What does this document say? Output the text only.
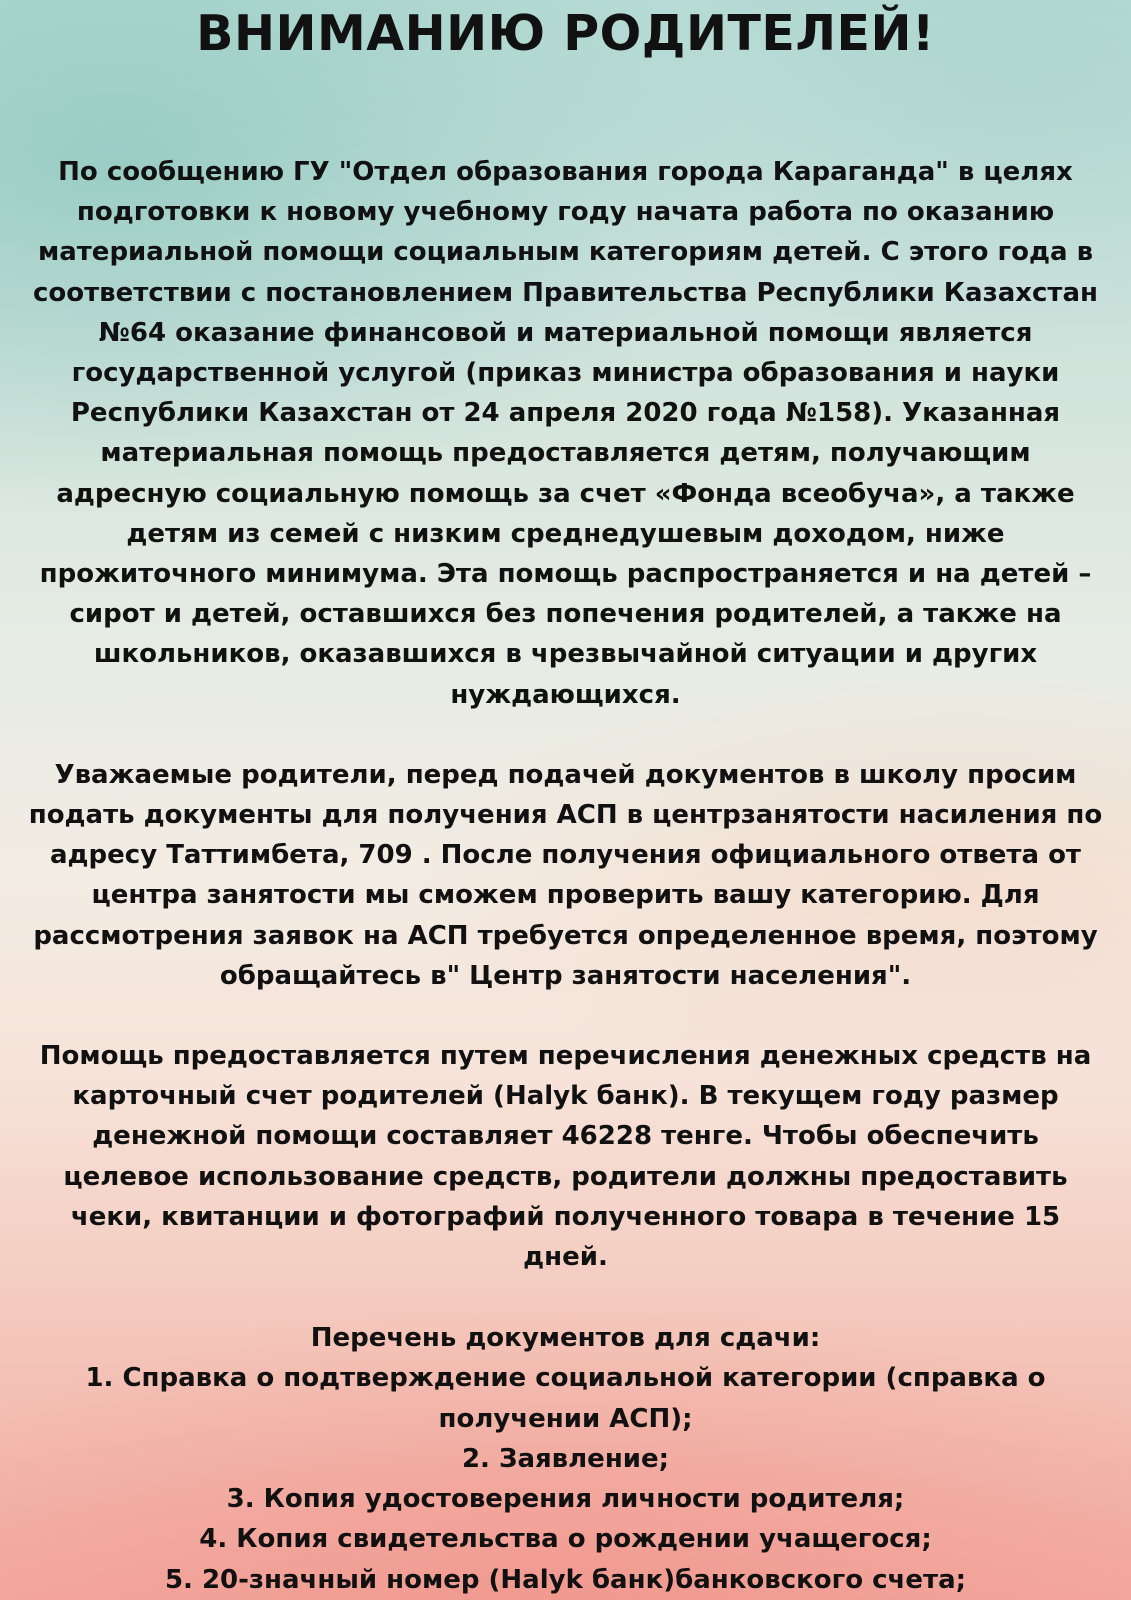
ВНИМАНИЮ РОДИТЕЛЕЙ!

По сообщению ГУ "Отдел образования города Караганда" в целях подготовки к новому учебному году начата работа по оказанию материальной помощи социальным категориям детей. С этого года в соответствии с постановлением Правительства Республики Казахстан №64 оказание финансовой и материальной помощи является государственной услугой (приказ министра образования и науки Республики Казахстан от 24 апреля 2020 года №158). Указанная материальная помощь предоставляется детям, получающим адресную социальную помощь за счет «Фонда всеобуча», а также детям из семей с низким среднедушевым доходом, ниже прожиточного минимума. Эта помощь распространяется и на детей – сирот и детей, оставшихся без попечения родителей, а также на школьников, оказавшихся в чрезвычайной ситуации и других нуждающихся.

Уважаемые родители, перед подачей документов в школу просим подать документы для получения АСП в центрзанятости насиления по адресу Таттимбета, 709 . После получения официального ответа от центра занятости мы сможем проверить вашу категорию. Для рассмотрения заявок на АСП требуется определенное время, поэтому обращайтесь в" Центр занятости населения".

Помощь предоставляется путем перечисления денежных средств на карточный счет родителей (Halyk банк). В текущем году размер денежной помощи составляет 46228 тенге. Чтобы обеспечить целевое использование средств, родители должны предоставить чеки, квитанции и фотографий полученного товара в течение 15 дней.

Перечень документов для сдачи:
1. Справка о подтверждение социальной категории (справка о получении АСП);
2. Заявление;
3. Копия удостоверения личности родителя;
4. Копия свидетельства о рождении учащегося;
5. 20-значный номер (Halyk банк)банковского счета;
